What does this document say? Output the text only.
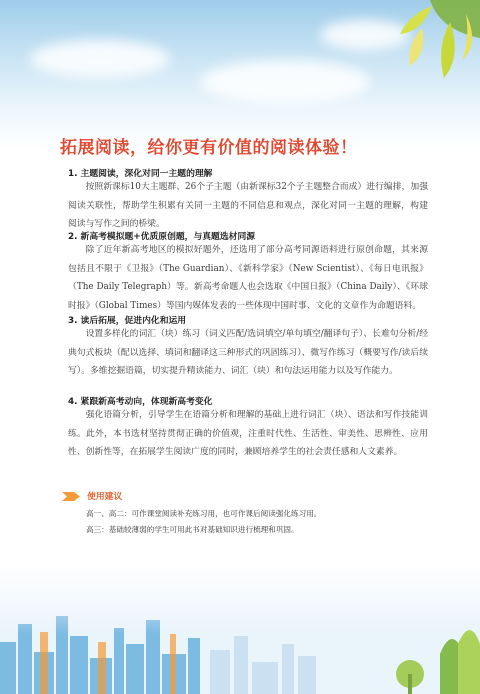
拓展阅读，给你更有价值的阅读体验！
1. 主题阅读，深化对同一主题的理解

按照新课标10大主题群、26个子主题（由新课标32个子主题整合而成）进行编排，加强阅读关联性，帮助学生积累有关同一主题的不同信息和观点，深化对同一主题的理解，构建阅读与写作之间的桥梁。

2. 新高考模拟题+优质原创题，与真题选材同源

除了近年新高考地区的模拟好题外，还选用了部分高考同源语料进行原创命题，其来源包括且不限于《卫报》（The Guardian）、《新科学家》（New Scientist）、《每日电讯报》（The Daily Telegraph）等。新高考命题人也会选取《中国日报》（China Daily）、《环球时报》（Global Times）等国内媒体发表的一些体现中国时事、文化的文章作为命题语料。

3. 读后拓展，促进内化和运用

设置多样化的词汇（块）练习（词义匹配/选词填空/单句填空/翻译句子）、长难句分析/经典句式板块（配以选择、填词和翻译这三种形式的巩固练习）、微写作练习（概要写作/读后续写）。多维挖掘语篇，切实提升精读能力、词汇（块）和句法运用能力以及写作能力。

4. 紧跟新高考动向，体现新高考变化

强化语篇分析，引导学生在语篇分析和理解的基础上进行词汇（块）、语法和写作技能训练。此外，本书选材坚持贯彻正确的价值观，注重时代性、生活性、审美性、思辨性、应用性、创新性等，在拓展学生阅读广度的同时，兼顾培养学生的社会责任感和人文素养。

使用建议
高一、高二：可作课堂阅读补充练习用，也可作课后阅读强化练习用。
高三：基础较薄弱的学生可用此书对基础知识进行梳理和巩固。
